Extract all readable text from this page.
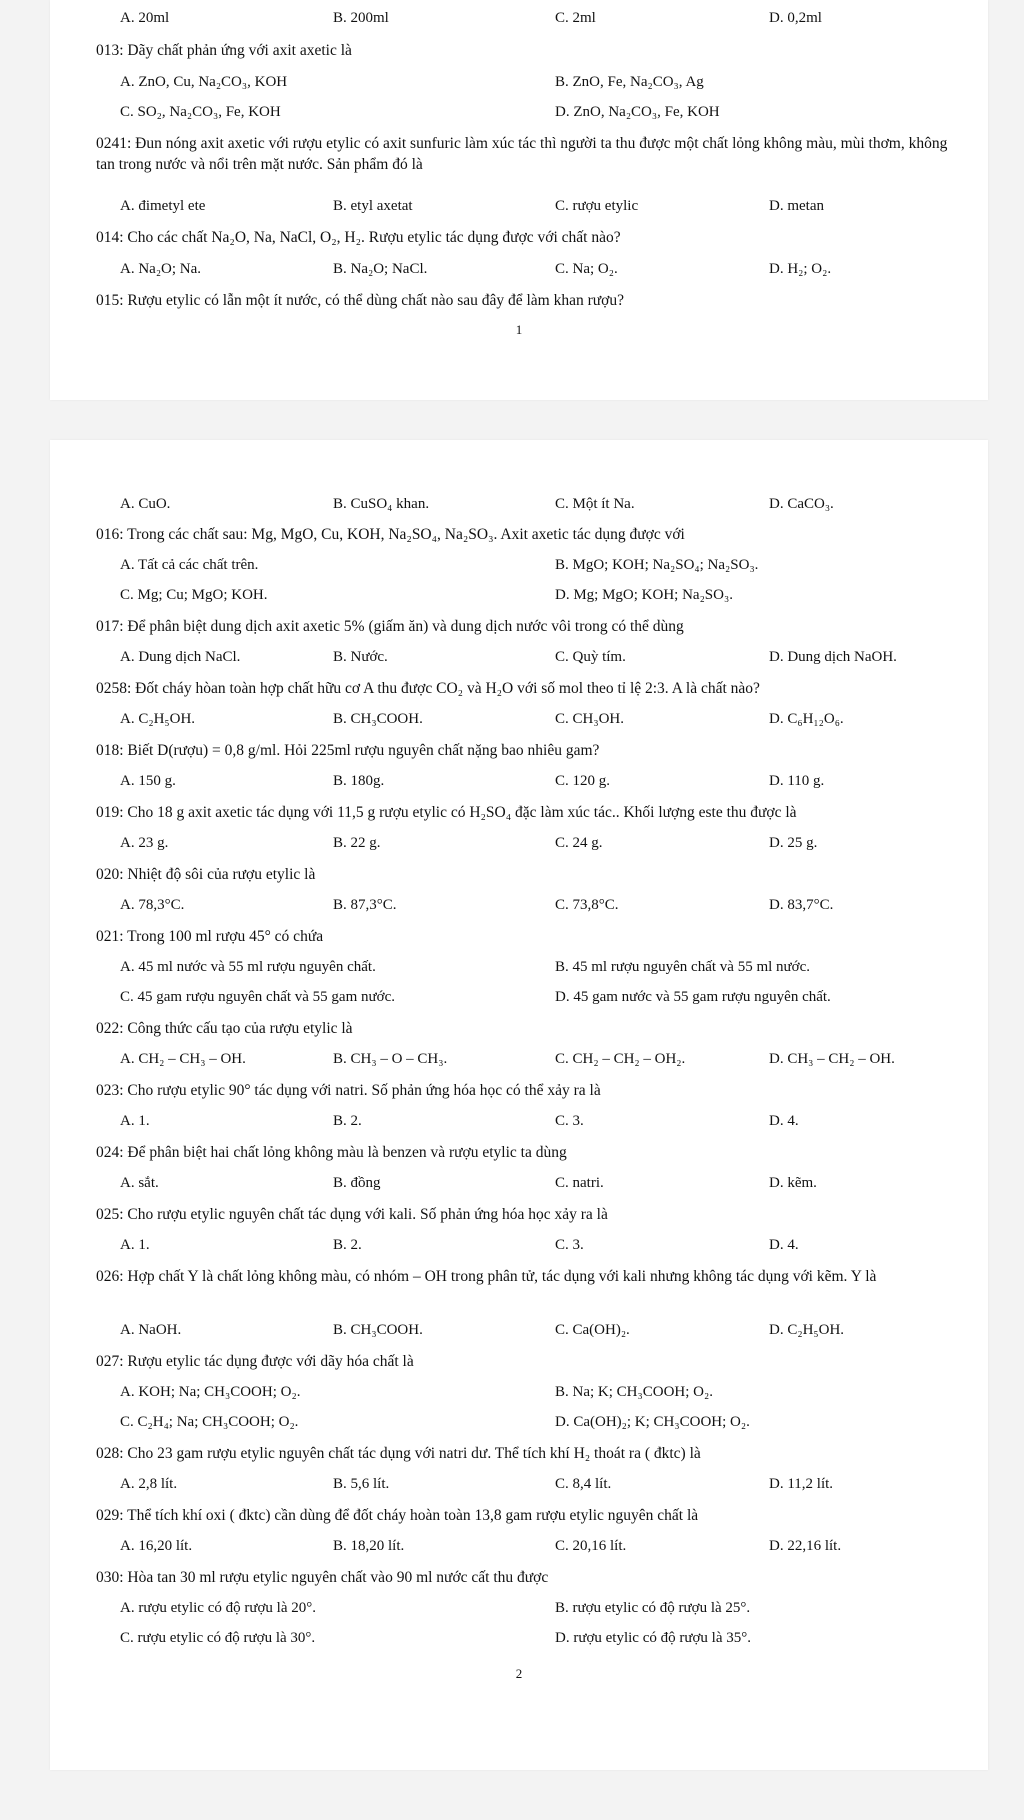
A. 20ml	B. 200ml	C. 2ml	D. 0,2ml
013: Dãy chất phản ứng với axit axetic là
A. ZnO, Cu, Na₂CO₃, KOH	B. ZnO, Fe, Na₂CO₃, Ag
C. SO₂, Na₂CO₃, Fe, KOH	D. ZnO, Na₂CO₃, Fe, KOH
0241: Đun nóng axit axetic với rượu etylic có axit sunfuric làm xúc tác thì người ta thu được một chất lỏng không màu, mùi thơm, không tan trong nước và nổi trên mặt nước. Sản phẩm đó là
A. đimetyl ete	B. etyl axetat	C. rượu etylic	D. metan
014: Cho các chất Na₂O, Na, NaCl, O₂, H₂. Rượu etylic tác dụng được với chất nào?
A. Na₂O; Na.	B. Na₂O; NaCl.	C. Na; O₂.	D. H₂; O₂.
015: Rượu etylic có lẫn một ít nước, có thể dùng chất nào sau đây để làm khan rượu?
1
A. CuO.	B. CuSO₄ khan.	C. Một ít Na.	D. CaCO₃.
016: Trong các chất sau: Mg, MgO, Cu, KOH, Na₂SO₄, Na₂SO₃. Axit axetic tác dụng được với
A. Tất cả các chất trên.	B. MgO; KOH; Na₂SO₄; Na₂SO₃.
C. Mg; Cu; MgO; KOH.	D. Mg; MgO; KOH; Na₂SO₃.
017: Để phân biệt dung dịch axit axetic 5% (giấm ăn) và dung dịch nước vôi trong có thể dùng
A. Dung dịch NaCl.	B. Nước.	C. Quỳ tím.	D. Dung dịch NaOH.
0258: Đốt cháy hòan toàn hợp chất hữu cơ A thu được CO₂ và H₂O với số mol theo tỉ lệ 2:3. A là chất nào?
A. C₂H₅OH.	B. CH₃COOH.	C. CH₃OH.	D. C₆H₁₂O₆.
018: Biết D(rượu) = 0,8 g/ml. Hỏi 225ml rượu nguyên chất nặng bao nhiêu gam?
A. 150 g.	B. 180g.	C. 120 g.	D. 110 g.
019: Cho 18 g axit axetic tác dụng với 11,5 g rượu etylic có H₂SO₄ đặc làm xúc tác.. Khối lượng este thu được là
A. 23 g.	B. 22 g.	C. 24 g.	D. 25 g.
020: Nhiệt độ sôi của rượu etylic là
A. 78,3°C.	B. 87,3°C.	C. 73,8°C.	D. 83,7°C.
021: Trong 100 ml rượu 45° có chứa
A. 45 ml nước và 55 ml rượu nguyên chất.	B. 45 ml rượu nguyên chất và 55 ml nước.
C. 45 gam rượu nguyên chất và 55 gam nước.	D. 45 gam nước và 55 gam rượu nguyên chất.
022: Công thức cấu tạo của rượu etylic là
A. CH₂ – CH₃ – OH.	B. CH₃ – O – CH₃.	C. CH₂ – CH₂ – OH₂.	D. CH₃ – CH₂ – OH.
023: Cho rượu etylic 90° tác dụng với natri. Số phản ứng hóa học có thể xảy ra là
A. 1.	B. 2.	C. 3.	D. 4.
024: Để phân biệt hai chất lỏng không màu là benzen và rượu etylic ta dùng
A. sắt.	B. đồng	C. natri.	D. kẽm.
025: Cho rượu etylic nguyên chất tác dụng với kali. Số phản ứng hóa học xảy ra là
A. 1.	B. 2.	C. 3.	D. 4.
026: Hợp chất Y là chất lỏng không màu, có nhóm – OH trong phân tử, tác dụng với kali nhưng không tác dụng với kẽm. Y là
A. NaOH.	B. CH₃COOH.	C. Ca(OH)₂.	D. C₂H₅OH.
027: Rượu etylic tác dụng được với dãy hóa chất là
A. KOH; Na; CH₃COOH; O₂.	B. Na; K; CH₃COOH; O₂.
C. C₂H₄; Na; CH₃COOH; O₂.	D. Ca(OH)₂; K; CH₃COOH; O₂.
028: Cho 23 gam rượu etylic nguyên chất tác dụng với natri dư. Thể tích khí H₂ thoát ra ( đktc) là
A. 2,8 lít.	B. 5,6 lít.	C. 8,4 lít.	D. 11,2 lít.
029: Thể tích khí oxi ( đktc) cần dùng để đốt cháy hoàn toàn 13,8 gam rượu etylic nguyên chất là
A. 16,20 lít.	B. 18,20 lít.	C. 20,16 lít.	D. 22,16 lít.
030: Hòa tan 30 ml rượu etylic nguyên chất vào 90 ml nước cất thu được
A. rượu etylic có độ rượu là 20°.	B. rượu etylic có độ rượu là 25°.
C. rượu etylic có độ rượu là 30°.	D. rượu etylic có độ rượu là 35°.
2
